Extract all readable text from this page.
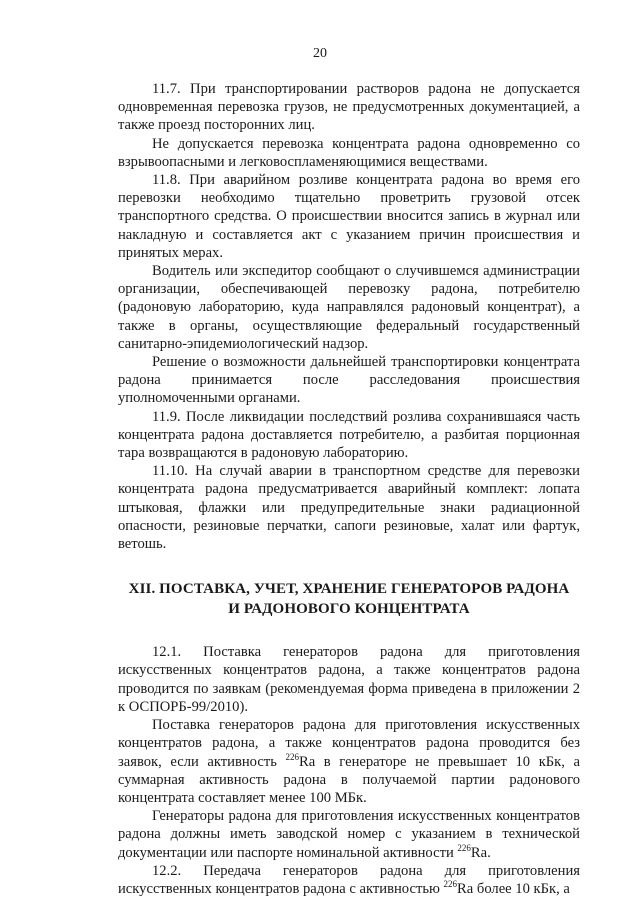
20

11.7. При транспортировании растворов радона не допускается одновременная перевозка грузов, не предусмотренных документацией, а также проезд посторонних лиц.

Не допускается перевозка концентрата радона одновременно со взрывоопасными и легковоспламеняющимися веществами.

11.8. При аварийном розливе концентрата радона во время его перевозки необходимо тщательно проветрить грузовой отсек транспортного средства. О происшествии вносится запись в журнал или накладную и составляется акт с указанием причин происшествия и принятых мерах.

Водитель или экспедитор сообщают о случившемся администрации организации, обеспечивающей перевозку радона, потребителю (радоновую лабораторию, куда направлялся радоновый концентрат), а также в органы, осуществляющие федеральный государственный санитарно-эпидемиологический надзор.

Решение о возможности дальнейшей транспортировки концентрата радона принимается после расследования происшествия уполномоченными органами.

11.9. После ликвидации последствий розлива сохранившаяся часть концентрата радона доставляется потребителю, а разбитая порционная тара возвращаются в радоновую лабораторию.

11.10. На случай аварии в транспортном средстве для перевозки концентрата радона предусматривается аварийный комплект: лопата штыковая, флажки или предупредительные знаки радиационной опасности, резиновые перчатки, сапоги резиновые, халат или фартук, ветошь.

XII. ПОСТАВКА, УЧЕТ, ХРАНЕНИЕ ГЕНЕРАТОРОВ РАДОНА
И РАДОНОВОГО КОНЦЕНТРАТА

12.1. Поставка генераторов радона для приготовления искусственных концентратов радона, а также концентратов радона проводится по заявкам (рекомендуемая форма приведена в приложении 2 к ОСПОРБ-99/2010).

Поставка генераторов радона для приготовления искусственных концентратов радона, а также концентратов радона проводится без заявок, если активность $^{226}$Ra в генераторе не превышает 10 кБк, а суммарная активность радона в получаемой партии радонового концентрата составляет менее 100 МБк.

Генераторы радона для приготовления искусственных концентратов радона должны иметь заводской номер с указанием в технической документации или паспорте номинальной активности $^{226}$Ra.

12.2. Передача генераторов радона для приготовления искусственных концентратов радона с активностью $^{226}$Ra более 10 кБк, а
